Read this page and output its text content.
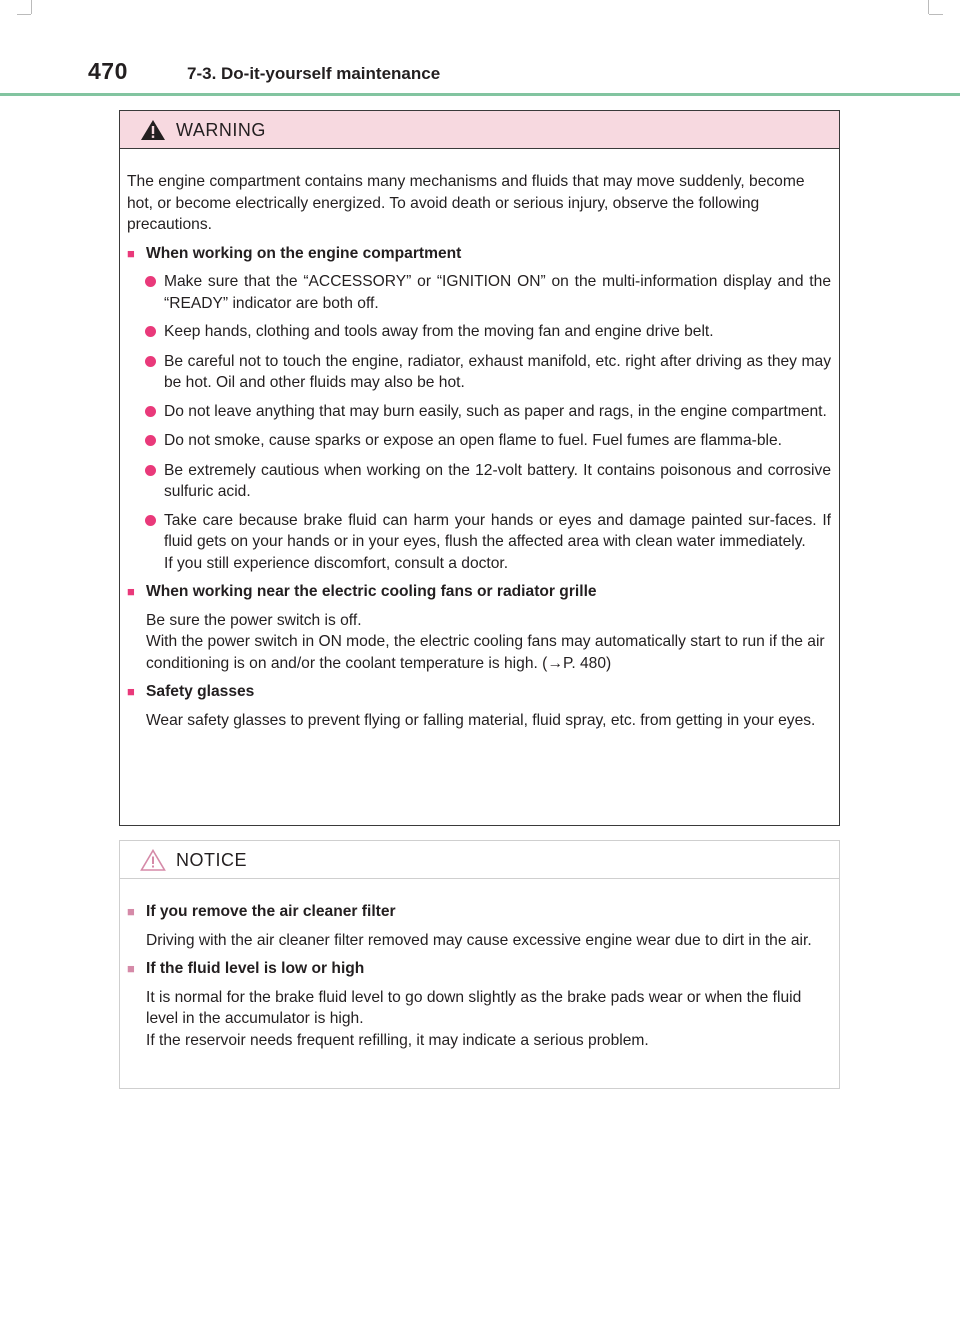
470	7-3. Do-it-yourself maintenance
WARNING

The engine compartment contains many mechanisms and fluids that may move suddenly, become hot, or become electrically energized. To avoid death or serious injury, observe the following precautions.

■ When working on the engine compartment
Make sure that the “ACCESSORY” or “IGNITION ON” on the multi-information display and the “READY” indicator are both off.
Keep hands, clothing and tools away from the moving fan and engine drive belt.
Be careful not to touch the engine, radiator, exhaust manifold, etc. right after driving as they may be hot. Oil and other fluids may also be hot.
Do not leave anything that may burn easily, such as paper and rags, in the engine compartment.
Do not smoke, cause sparks or expose an open flame to fuel. Fuel fumes are flamma-ble.
Be extremely cautious when working on the 12-volt battery. It contains poisonous and corrosive sulfuric acid.
Take care because brake fluid can harm your hands or eyes and damage painted sur-faces. If fluid gets on your hands or in your eyes, flush the affected area with clean water immediately.
If you still experience discomfort, consult a doctor.
■ When working near the electric cooling fans or radiator grille
Be sure the power switch is off.
With the power switch in ON mode, the electric cooling fans may automatically start to run if the air conditioning is on and/or the coolant temperature is high. (→P. 480)
■ Safety glasses
Wear safety glasses to prevent flying or falling material, fluid spray, etc. from getting in your eyes.
NOTICE
■ If you remove the air cleaner filter
Driving with the air cleaner filter removed may cause excessive engine wear due to dirt in the air.
■ If the fluid level is low or high
It is normal for the brake fluid level to go down slightly as the brake pads wear or when the fluid level in the accumulator is high.
If the reservoir needs frequent refilling, it may indicate a serious problem.
